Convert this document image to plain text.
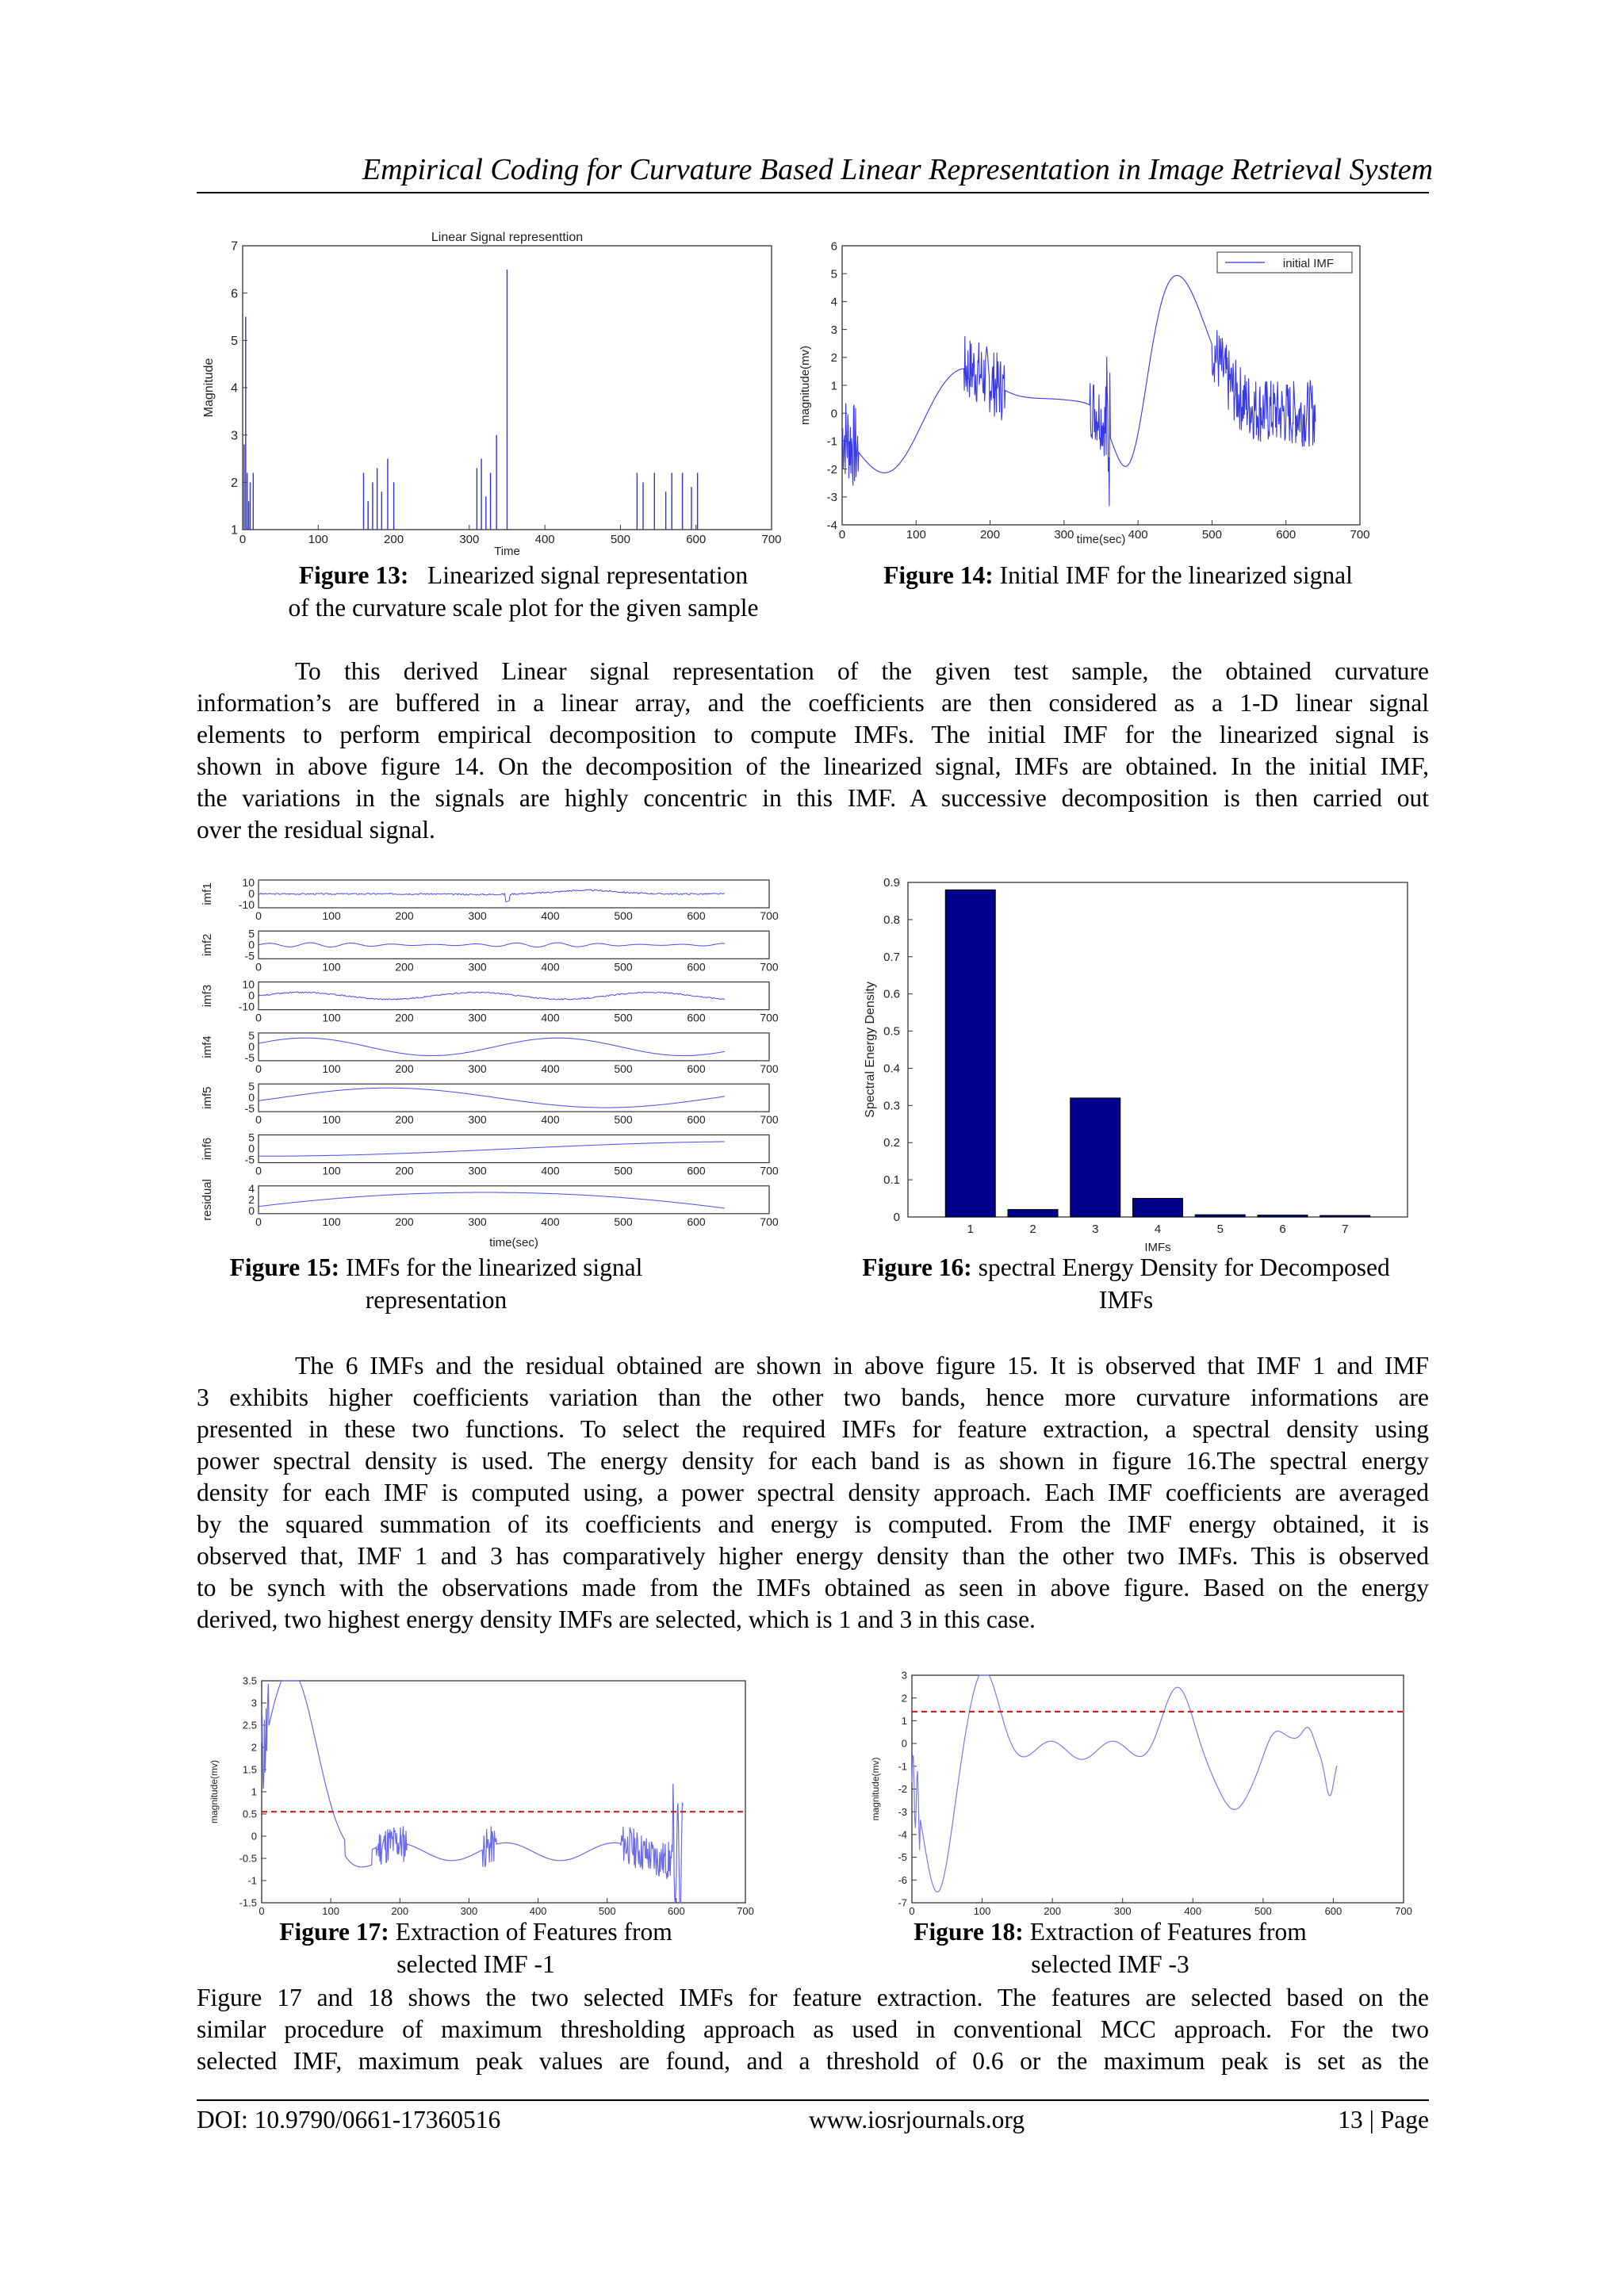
Empirical Coding for Curvature Based Linear Representation in Image Retrieval System
0	100	200	300	400	500	600	700
1
2
3
4
5
6
7
Linear Signal representtion
Time
Magnitude
Figure 13: Linearized signal representation
of the curvature scale plot for the given sample
0	100	200	300	400	500	600	700
-4
-3
-2
-1
0
1
2
3
4
5
6
time(sec)
magnitude(mv)
initial IMF
Figure 14: Initial IMF for the linearized signal
To this derived Linear signal representation of the given test sample, the obtained curvature
information’s are buffered in a linear array, and the coefficients are then considered as a 1-D linear signal
elements to perform empirical decomposition to compute IMFs. The initial IMF for the linearized signal is
shown in above figure 14. On the decomposition of the linearized signal, IMFs are obtained. In the initial IMF,
the variations in the signals are highly concentric in this IMF. A successive decomposition is then carried out
over the residual signal.
10
0
-10
imf1
0	100	200	300	400	500	600	700
5
0
-5
imf2
0	100	200	300	400	500	600	700
10
0
-10
imf3
0	100	200	300	400	500	600	700
5
0
-5
imf4
0	100	200	300	400	500	600	700
5
0
-5
imf5
0	100	200	300	400	500	600	700
5
0
-5
imf6
0	100	200	300	400	500	600	700
4
2
0
residual
0	100	200	300	400	500	600	700
time(sec)
Figure 15: IMFs for the linearized signal
representation
0
0.1
0.2
0.3
0.4
0.5
0.6
0.7
0.8
0.9
1	2	3	4	5	6	7
IMFs
Spectral Energy Density
Figure 16: spectral Energy Density for Decomposed
IMFs
The 6 IMFs and the residual obtained are shown in above figure 15. It is observed that IMF 1 and IMF
3 exhibits higher coefficients variation than the other two bands, hence more curvature informations are
presented in these two functions. To select the required IMFs for feature extraction, a spectral density using
power spectral density is used. The energy density for each band is as shown in figure 16.The spectral energy
density for each IMF is computed using, a power spectral density approach. Each IMF coefficients are averaged
by the squared summation of its coefficients and energy is computed. From the IMF energy obtained, it is
observed that, IMF 1 and 3 has comparatively higher energy density than the other two IMFs. This is observed
to be synch with the observations made from the IMFs obtained as seen in above figure. Based on the energy
derived, two highest energy density IMFs are selected, which is 1 and 3 in this case.
0	100	200	300	400	500	600	700
-1.5
-1
-0.5
0
0.5
1
1.5
2
2.5
3
3.5
magnitude(mv)
Figure 17: Extraction of Features from
selected IMF -1
0	100	200	300	400	500	600	700
-7
-6
-5
-4
-3
-2
-1
0
1
2
3
magnitude(mv)
Figure 18: Extraction of Features from
selected IMF -3
Figure 17 and 18 shows the two selected IMFs for feature extraction. The features are selected based on the
similar procedure of maximum thresholding approach as used in conventional MCC approach. For the two
selected IMF, maximum peak values are found, and a threshold of 0.6 or the maximum peak is set as the
DOI: 10.9790/0661-17360516	www.iosrjournals.org	13 | Page
